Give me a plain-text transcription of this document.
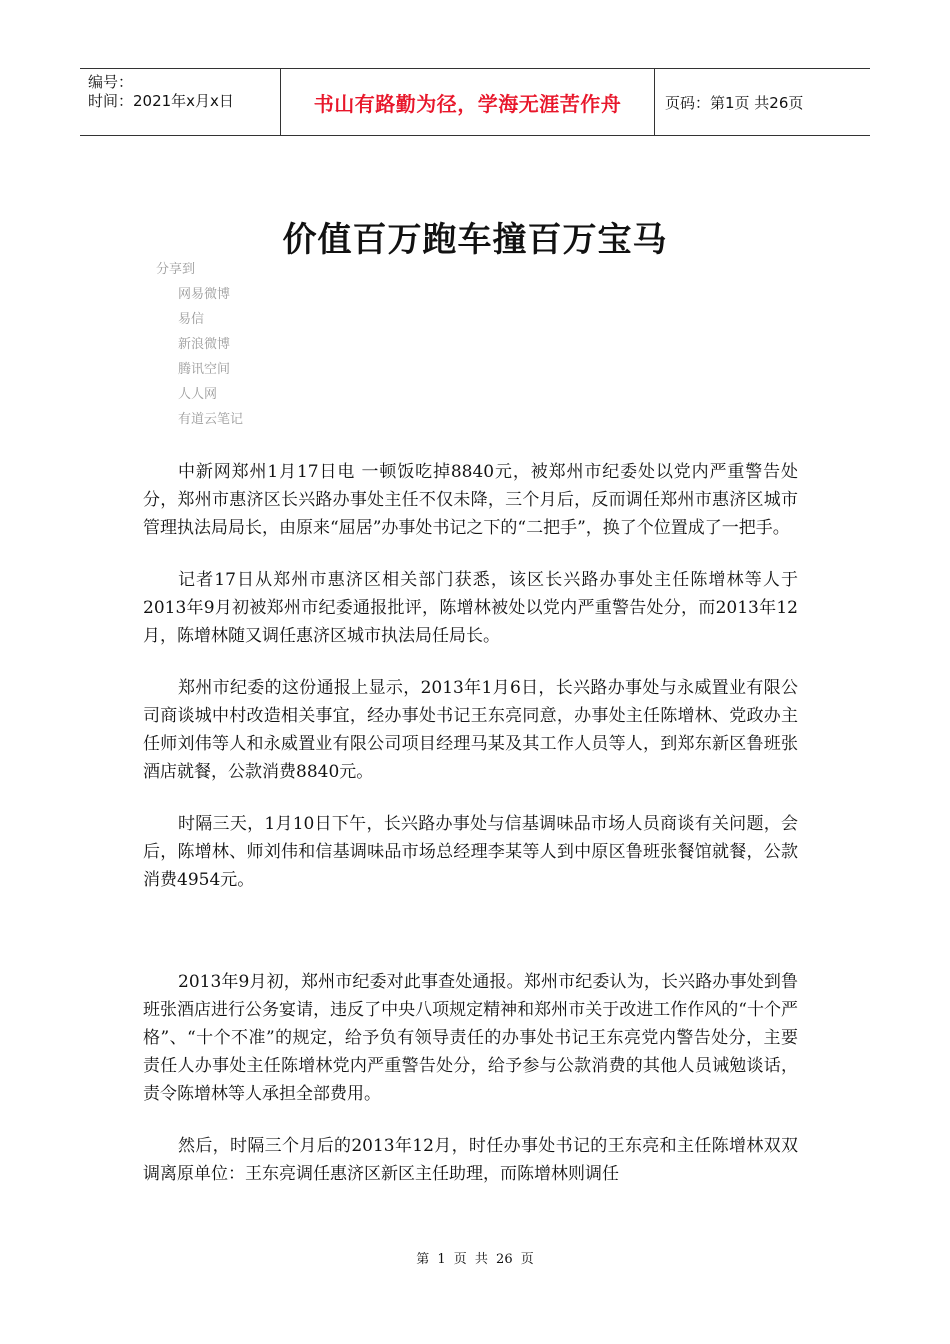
编号：
时间：2021年x月x日	书山有路勤为径，学海无涯苦作舟	页码：第1页 共26页
价值百万跑车撞百万宝马
分享到
网易微博
易信
新浪微博
腾讯空间
人人网
有道云笔记

中新网郑州1月17日电 一顿饭吃掉8840元，被郑州市纪委处以党内严重警告处分，郑州市惠济区长兴路办事处主任不仅未降，三个月后，反而调任郑州市惠济区城市管理执法局局长，由原来“屈居”办事处书记之下的“二把手”，换了个位置成了一把手。

记者17日从郑州市惠济区相关部门获悉，该区长兴路办事处主任陈增林等人于2013年9月初被郑州市纪委通报批评，陈增林被处以党内严重警告处分，而2013年12月，陈增林随又调任惠济区城市执法局任局长。

郑州市纪委的这份通报上显示，2013年1月6日，长兴路办事处与永威置业有限公司商谈城中村改造相关事宜，经办事处书记王东亮同意，办事处主任陈增林、党政办主任师刘伟等人和永威置业有限公司项目经理马某及其工作人员等人，到郑东新区鲁班张酒店就餐，公款消费8840元。

时隔三天，1月10日下午，长兴路办事处与信基调味品市场人员商谈有关问题，会后，陈增林、师刘伟和信基调味品市场总经理李某等人到中原区鲁班张餐馆就餐，公款消费4954元。

2013年9月初，郑州市纪委对此事查处通报。郑州市纪委认为，长兴路办事处到鲁班张酒店进行公务宴请，违反了中央八项规定精神和郑州市关于改进工作作风的“十个严格”、“十个不准”的规定，给予负有领导责任的办事处书记王东亮党内警告处分，主要责任人办事处主任陈增林党内严重警告处分，给予参与公款消费的其他人员诫勉谈话，责令陈增林等人承担全部费用。

然后，时隔三个月后的2013年12月，时任办事处书记的王东亮和主任陈增林双双调离原单位：王东亮调任惠济区新区主任助理，而陈增林则调任

第 1 页 共 26 页
